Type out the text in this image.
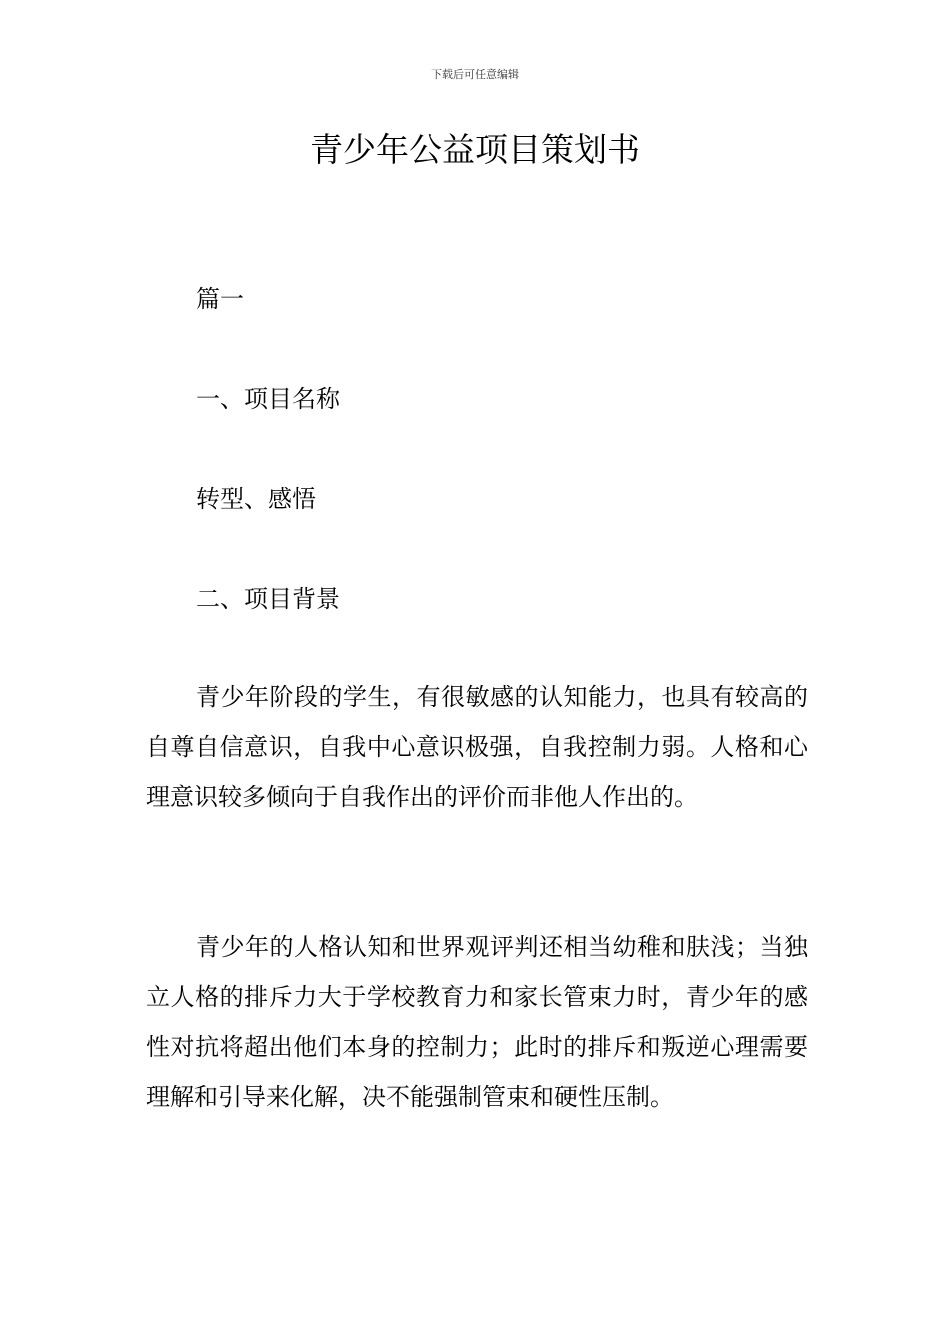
下载后可任意编辑
青少年公益项目策划书
篇一
一、项目名称
转型、感悟
二、项目背景

青少年阶段的学生，有很敏感的认知能力，也具有较高的自尊自信意识，自我中心意识极强，自我控制力弱。人格和心理意识较多倾向于自我作出的评价而非他人作出的。

青少年的人格认知和世界观评判还相当幼稚和肤浅；当独立人格的排斥力大于学校教育力和家长管束力时，青少年的感性对抗将超出他们本身的控制力；此时的排斥和叛逆心理需要理解和引导来化解，决不能强制管束和硬性压制。
